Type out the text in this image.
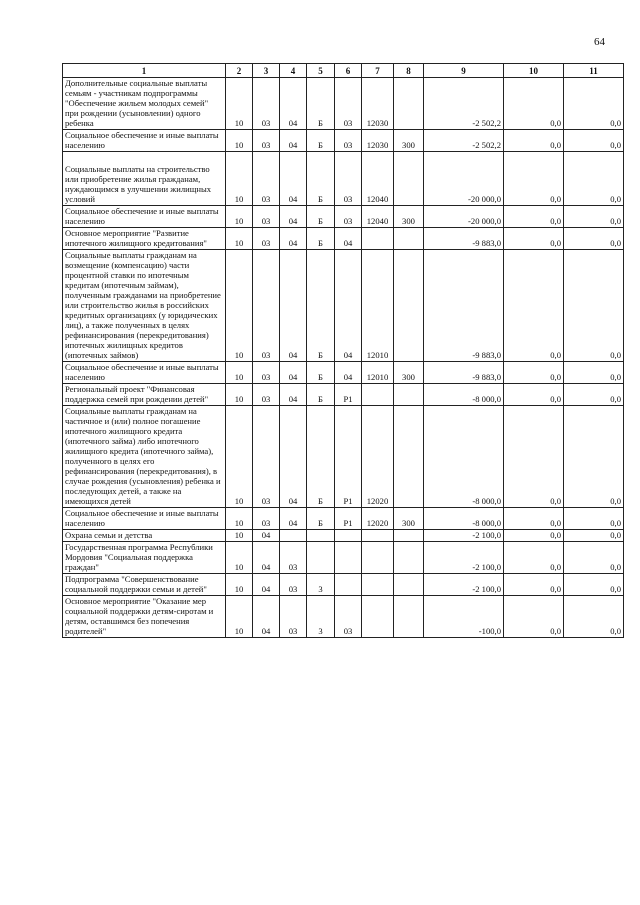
64
1	2	3	4	5	6	7	8	9	10	11
Дополнительные социальные выплаты семьям - участникам подпрограммы "Обеспечение жильем молодых семей" при рождении (усыновлении) одного ребенка	10	03	04	Б	03	12030		-2 502,2	0,0	0,0
Социальное обеспечение и иные выплаты населению	10	03	04	Б	03	12030	300	-2 502,2	0,0	0,0
Социальные выплаты на строительство или приобретение жилья гражданам, нуждающимся в улучшении жилищных условий	10	03	04	Б	03	12040		-20 000,0	0,0	0,0
Социальное обеспечение и иные выплаты населению	10	03	04	Б	03	12040	300	-20 000,0	0,0	0,0
Основное мероприятие "Развитие ипотечного жилищного кредитования"	10	03	04	Б	04			-9 883,0	0,0	0,0
Социальные выплаты гражданам на возмещение (компенсацию) части процентной ставки по ипотечным кредитам (ипотечным займам), полученным гражданами на приобретение или строительство жилья в российских кредитных организациях (у юридических лиц), а также полученных в целях рефинансирования (перекредитования) ипотечных жилищных кредитов (ипотечных займов)	10	03	04	Б	04	12010		-9 883,0	0,0	0,0
Социальное обеспечение и иные выплаты населению	10	03	04	Б	04	12010	300	-9 883,0	0,0	0,0
Региональный проект "Финансовая поддержка семей при рождении детей"	10	03	04	Б	Р1			-8 000,0	0,0	0,0
Социальные выплаты гражданам на частичное и (или) полное погашение ипотечного жилищного кредита (ипотечного займа) либо ипотечного жилищного кредита (ипотечного займа), полученного в целях его рефинансирования (перекредитования), в случае рождения (усыновления) ребенка и последующих детей, а также на имеющихся детей	10	03	04	Б	Р1	12020		-8 000,0	0,0	0,0
Социальное обеспечение и иные выплаты населению	10	03	04	Б	Р1	12020	300	-8 000,0	0,0	0,0
Охрана семьи и детства	10	04						-2 100,0	0,0	0,0
Государственная программа Республики Мордовия "Социальная поддержка граждан"	10	04	03					-2 100,0	0,0	0,0
Подпрограмма "Совершенствование социальной поддержки семьи и детей"	10	04	03	3				-2 100,0	0,0	0,0
Основное мероприятие "Оказание мер социальной поддержки детям-сиротам и детям, оставшимся без попечения родителей"	10	04	03	3	03			-100,0	0,0	0,0
